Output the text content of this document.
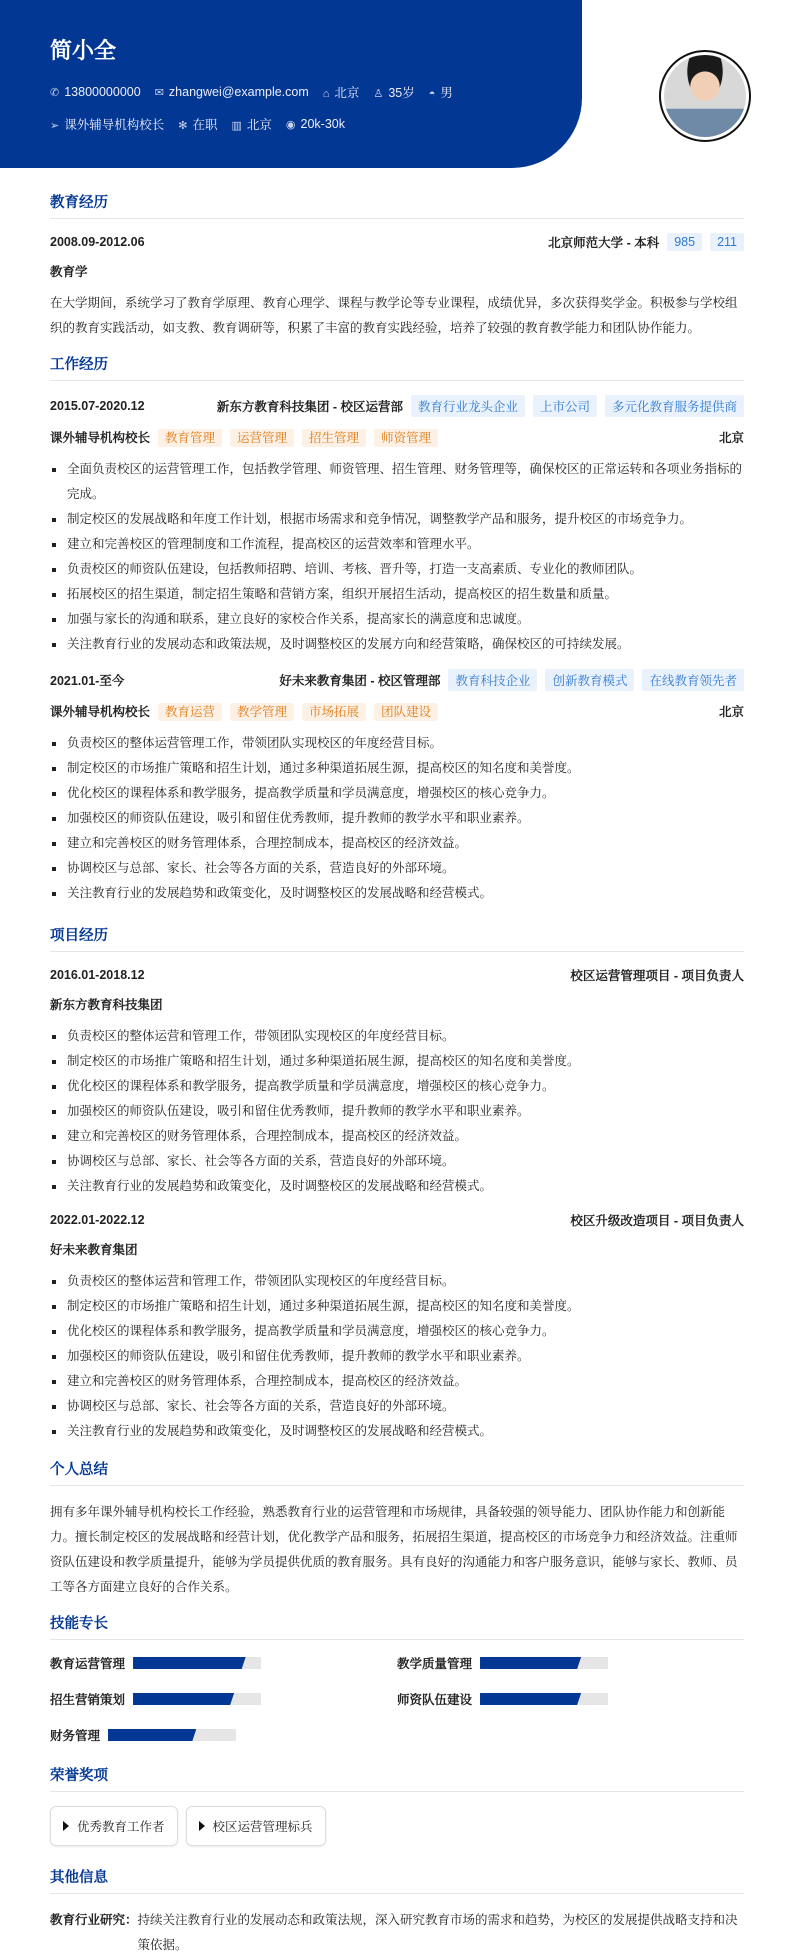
简小全
✆ 13800000000 ✉ zhangwei@example.com ⌂ 北京 ♙ 35岁 ◓ 男
➢ 课外辅导机构校长 ✻ 在职 ▥ 北京 ◉ 20k-30k
教育经历
2008.09-2012.06	北京师范大学 - 本科	985	211
教育学
在大学期间，系统学习了教育学原理、教育心理学、课程与教学论等专业课程，成绩优异，多次获得奖学金。积极参与学校组织的教育实践活动，如支教、教育调研等，积累了丰富的教育实践经验，培养了较强的教育教学能力和团队协作能力。
工作经历
2015.07-2020.12	新东方教育科技集团 - 校区运营部	教育行业龙头企业	上市公司	多元化教育服务提供商
课外辅导机构校长 教育管理 运营管理 招生管理 师资管理	北京
全面负责校区的运营管理工作，包括教学管理、师资管理、招生管理、财务管理等，确保校区的正常运转和各项业务指标的完成。
制定校区的发展战略和年度工作计划，根据市场需求和竞争情况，调整教学产品和服务，提升校区的市场竞争力。
建立和完善校区的管理制度和工作流程，提高校区的运营效率和管理水平。
负责校区的师资队伍建设，包括教师招聘、培训、考核、晋升等，打造一支高素质、专业化的教师团队。
拓展校区的招生渠道，制定招生策略和营销方案，组织开展招生活动，提高校区的招生数量和质量。
加强与家长的沟通和联系，建立良好的家校合作关系，提高家长的满意度和忠诚度。
关注教育行业的发展动态和政策法规，及时调整校区的发展方向和经营策略，确保校区的可持续发展。
2021.01-至今	好未来教育集团 - 校区管理部	教育科技企业	创新教育模式	在线教育领先者
课外辅导机构校长 教育运营 教学管理 市场拓展 团队建设	北京
负责校区的整体运营管理工作，带领团队实现校区的年度经营目标。
制定校区的市场推广策略和招生计划，通过多种渠道拓展生源，提高校区的知名度和美誉度。
优化校区的课程体系和教学服务，提高教学质量和学员满意度，增强校区的核心竞争力。
加强校区的师资队伍建设，吸引和留住优秀教师，提升教师的教学水平和职业素养。
建立和完善校区的财务管理体系，合理控制成本，提高校区的经济效益。
协调校区与总部、家长、社会等各方面的关系，营造良好的外部环境。
关注教育行业的发展趋势和政策变化，及时调整校区的发展战略和经营模式。
项目经历
2016.01-2018.12	校区运营管理项目 - 项目负责人
新东方教育科技集团
负责校区的整体运营和管理工作，带领团队实现校区的年度经营目标。
制定校区的市场推广策略和招生计划，通过多种渠道拓展生源，提高校区的知名度和美誉度。
优化校区的课程体系和教学服务，提高教学质量和学员满意度，增强校区的核心竞争力。
加强校区的师资队伍建设，吸引和留住优秀教师，提升教师的教学水平和职业素养。
建立和完善校区的财务管理体系，合理控制成本，提高校区的经济效益。
协调校区与总部、家长、社会等各方面的关系，营造良好的外部环境。
关注教育行业的发展趋势和政策变化，及时调整校区的发展战略和经营模式。
2022.01-2022.12	校区升级改造项目 - 项目负责人
好未来教育集团
负责校区的整体运营和管理工作，带领团队实现校区的年度经营目标。
制定校区的市场推广策略和招生计划，通过多种渠道拓展生源，提高校区的知名度和美誉度。
优化校区的课程体系和教学服务，提高教学质量和学员满意度，增强校区的核心竞争力。
加强校区的师资队伍建设，吸引和留住优秀教师，提升教师的教学水平和职业素养。
建立和完善校区的财务管理体系，合理控制成本，提高校区的经济效益。
协调校区与总部、家长、社会等各方面的关系，营造良好的外部环境。
关注教育行业的发展趋势和政策变化，及时调整校区的发展战略和经营模式。
个人总结
拥有多年课外辅导机构校长工作经验，熟悉教育行业的运营管理和市场规律，具备较强的领导能力、团队协作能力和创新能力。擅长制定校区的发展战略和经营计划，优化教学产品和服务，拓展招生渠道，提高校区的市场竞争力和经济效益。注重师资队伍建设和教学质量提升，能够为学员提供优质的教育服务。具有良好的沟通能力和客户服务意识，能够与家长、教师、员工等各方面建立良好的合作关系。
技能专长
教育运营管理	教学质量管理
招生营销策划	师资队伍建设
财务管理
荣誉奖项
优秀教育工作者	校区运营管理标兵
其他信息
教育行业研究： 持续关注教育行业的发展动态和政策法规，深入研究教育市场的需求和趋势，为校区的发展提供战略支持和决策依据。
